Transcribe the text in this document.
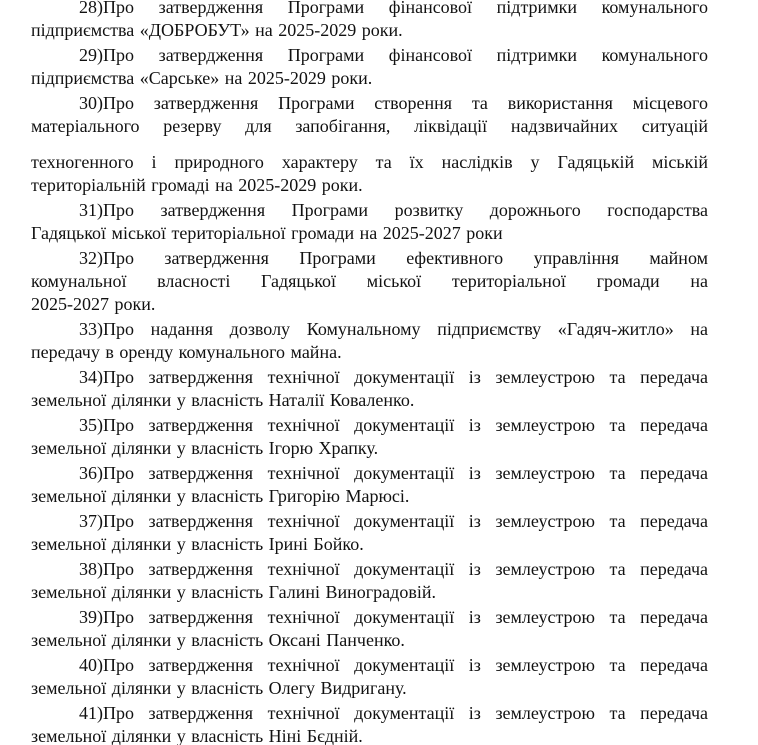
28)Про затвердження Програми фінансової підтримки комунального
підприємства «ДОБРОБУТ» на 2025-2029 роки.
29)Про затвердження Програми фінансової підтримки комунального
підприємства «Сарське» на 2025-2029 роки.
30)Про затвердження Програми створення та використання місцевого
матеріального резерву для запобігання, ліквідації надзвичайних ситуацій
техногенного і природного характеру та їх наслідків у Гадяцькій міській
територіальній громаді на 2025-2029 роки.
31)Про затвердження Програми розвитку дорожнього господарства
Гадяцької міської територіальної громади на 2025-2027 роки
32)Про затвердження Програми ефективного управління майном
комунальної власності Гадяцької міської територіальної громади на
2025-2027 роки.
33)Про надання дозволу Комунальному підприємству «Гадяч-житло» на
передачу в оренду комунального майна.
34)Про затвердження технічної документації із землеустрою та передача
земельної ділянки у власність Наталії Коваленко.
35)Про затвердження технічної документації із землеустрою та передача
земельної ділянки у власність Ігорю Храпку.
36)Про затвердження технічної документації із землеустрою та передача
земельної ділянки у власність Григорію Марюсі.
37)Про затвердження технічної документації із землеустрою та передача
земельної ділянки у власність Ірині Бойко.
38)Про затвердження технічної документації із землеустрою та передача
земельної ділянки у власність Галині Виноградовій.
39)Про затвердження технічної документації із землеустрою та передача
земельної ділянки у власність Оксані Панченко.
40)Про затвердження технічної документації із землеустрою та передача
земельної ділянки у власність Олегу Видригану.
41)Про затвердження технічної документації із землеустрою та передача
земельної ділянки у власність Ніні Бєдній.
